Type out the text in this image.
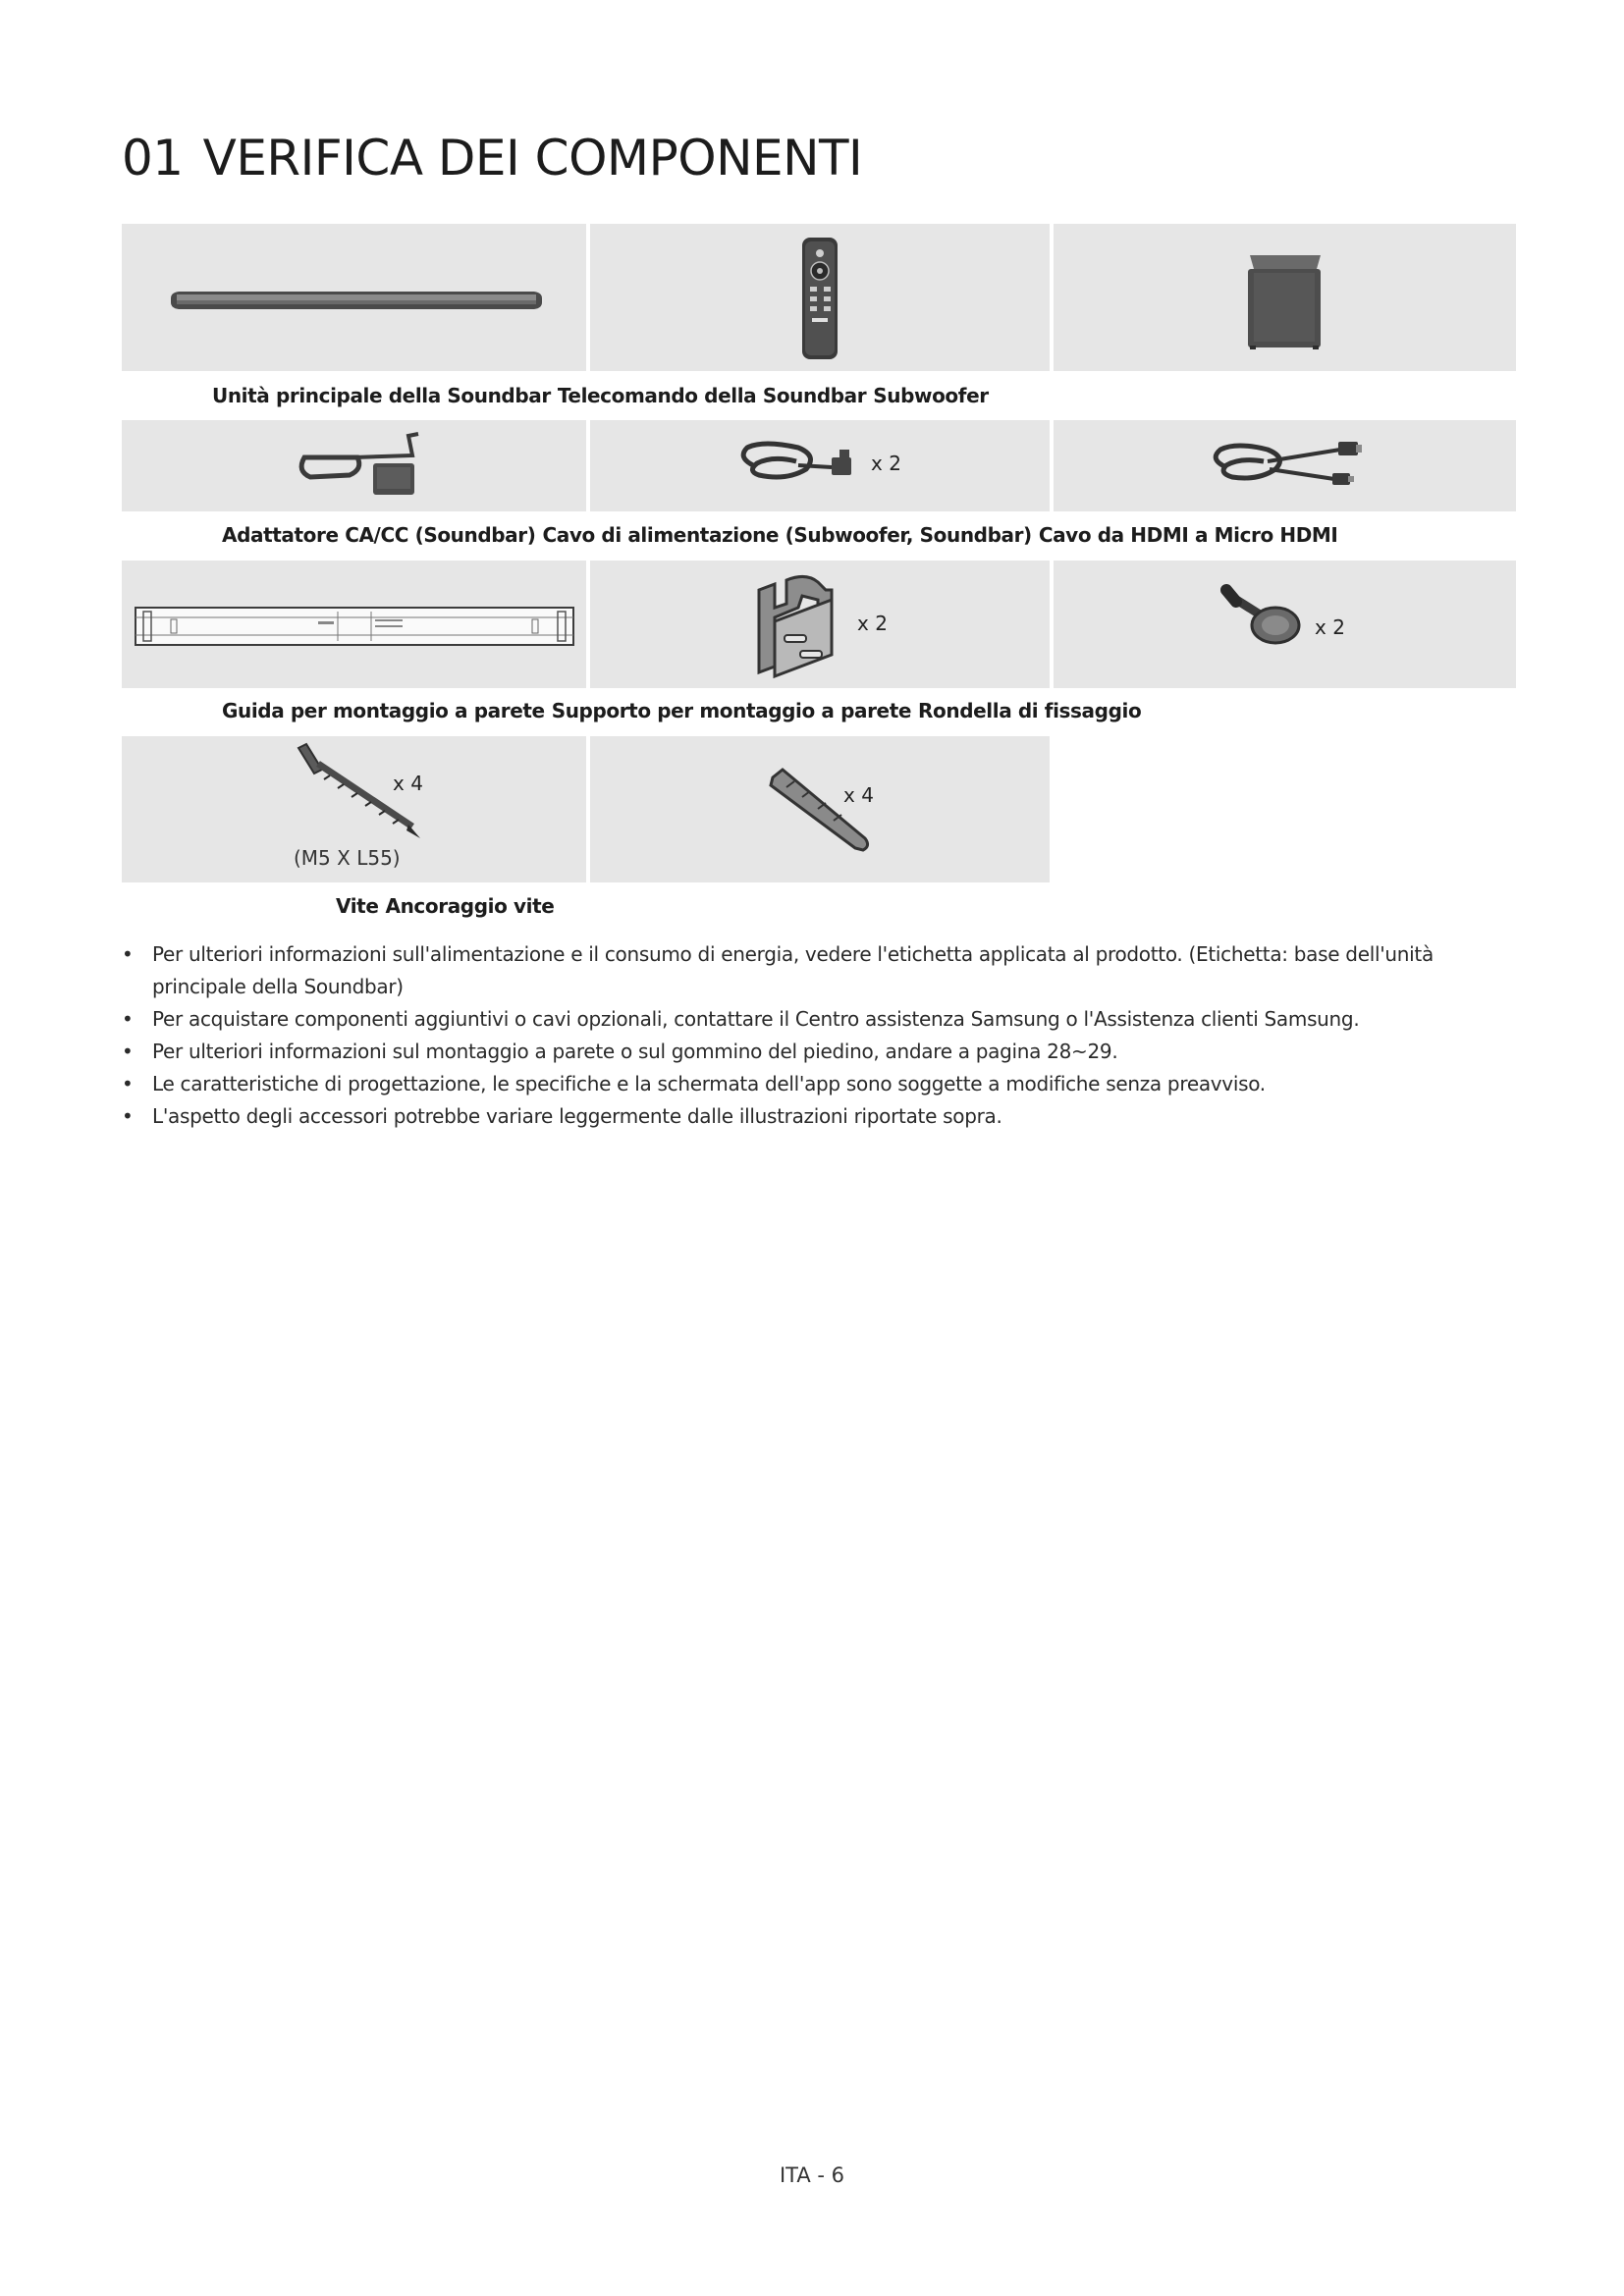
01 VERIFICA DEI COMPONENTI
Unità principale della Soundbar Telecomando della Soundbar Subwoofer
x 2
Adattatore CA/CC (Soundbar) Cavo di alimentazione (Subwoofer, Soundbar) Cavo da HDMI a Micro HDMI
x 2	x 2
Guida per montaggio a parete Supporto per montaggio a parete Rondella di fissaggio
x 4
(M5 X L55)
x 4
Vite Ancoraggio vite
• Per ulteriori informazioni sull'alimentazione e il consumo di energia, vedere l'etichetta applicata al prodotto. (Etichetta: base dell'unità principale della Soundbar)
• Per acquistare componenti aggiuntivi o cavi opzionali, contattare il Centro assistenza Samsung o l'Assistenza clienti Samsung.
• Per ulteriori informazioni sul montaggio a parete o sul gommino del piedino, andare a pagina 28~29.
• Le caratteristiche di progettazione, le specifiche e la schermata dell'app sono soggette a modifiche senza preavviso.
• L'aspetto degli accessori potrebbe variare leggermente dalle illustrazioni riportate sopra.
ITA - 6
